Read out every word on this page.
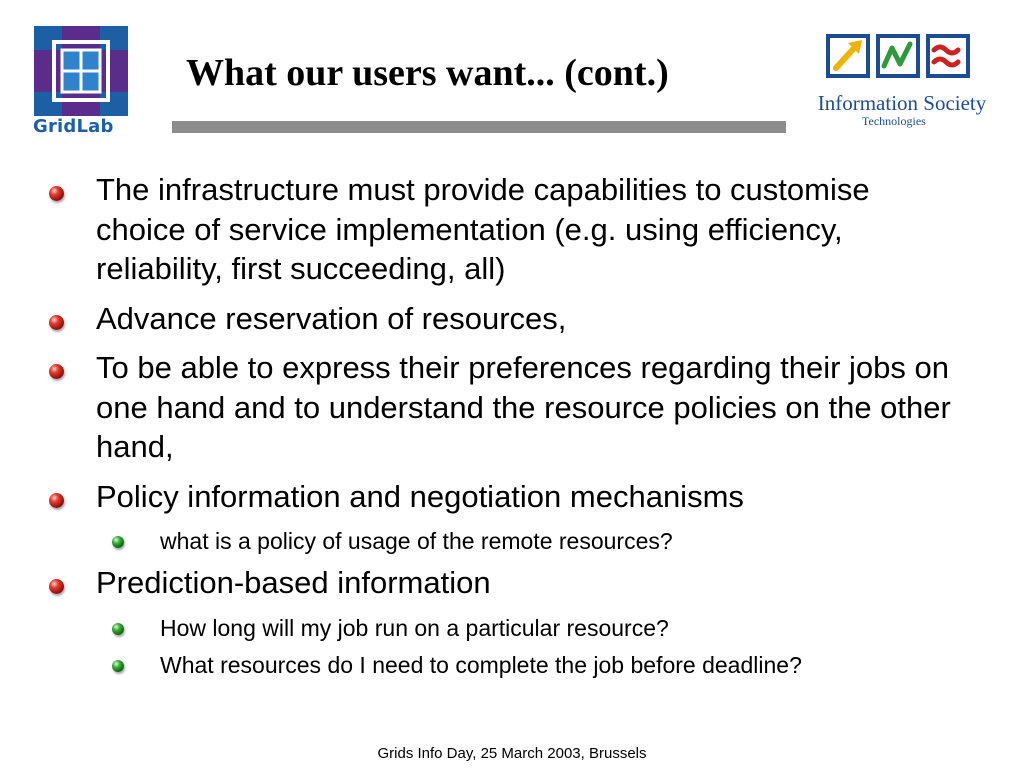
GridLab
What our users want... (cont.)
Information Society
Technologies
The infrastructure must provide capabilities to customise choice of service implementation (e.g. using efficiency, reliability, first succeeding, all)
Advance reservation of resources,
To be able to express their preferences regarding their jobs on one hand and to understand the resource policies on the other hand,
Policy information and negotiation mechanisms
what is a policy of usage of the remote resources?
Prediction-based information
How long will my job run on a particular resource?
What resources do I need to complete the job before deadline?
Grids Info Day, 25 March 2003, Brussels
